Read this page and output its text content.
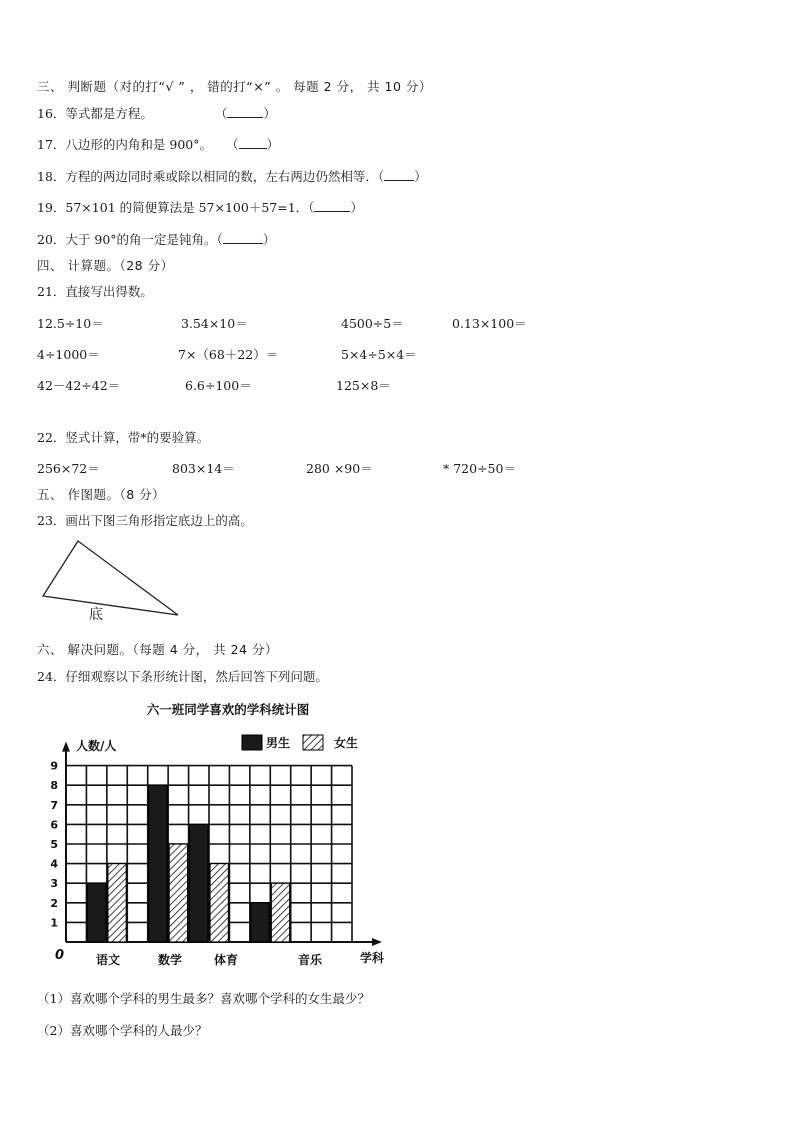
三、 判断题（对的打“√ ” ， 错的打“×” 。 每题 2 分， 共 10 分）
16．等式都是方程。	（	）
17．八边形的内角和是 900°。 （ ）
18．方程的两边同时乘或除以相同的数，左右两边仍然相等．（ ）
19．57×101 的简便算法是 57×100＋57=1．（	）
20．大于 90°的角一定是钝角。（	）
四、 计算题。（28 分）
21．直接写出得数。
12.5÷10＝	3.54×10＝	4500÷5＝	0.13×100＝
4÷1000＝	7×（68＋22）＝	5×4÷5×4＝
42－42÷42＝	6.6÷100＝	125×8＝
22．竖式计算，带*的要验算。
256×72＝	803×14＝	280 ×90＝	* 720÷50＝
五、 作图题。（8 分）
23．画出下图三角形指定底边上的高。
底
六、 解决问题。（每题 4 分， 共 24 分）
24．仔细观察以下条形统计图，然后回答下列问题。
六一班同学喜欢的学科统计图
人数/人	男生	女生
1
2
3
4
5
6
7
8
9
语文	数学	体育	音乐
0	学科
（1）喜欢哪个学科的男生最多？喜欢哪个学科的女生最少？
（2）喜欢哪个学科的人最少？
